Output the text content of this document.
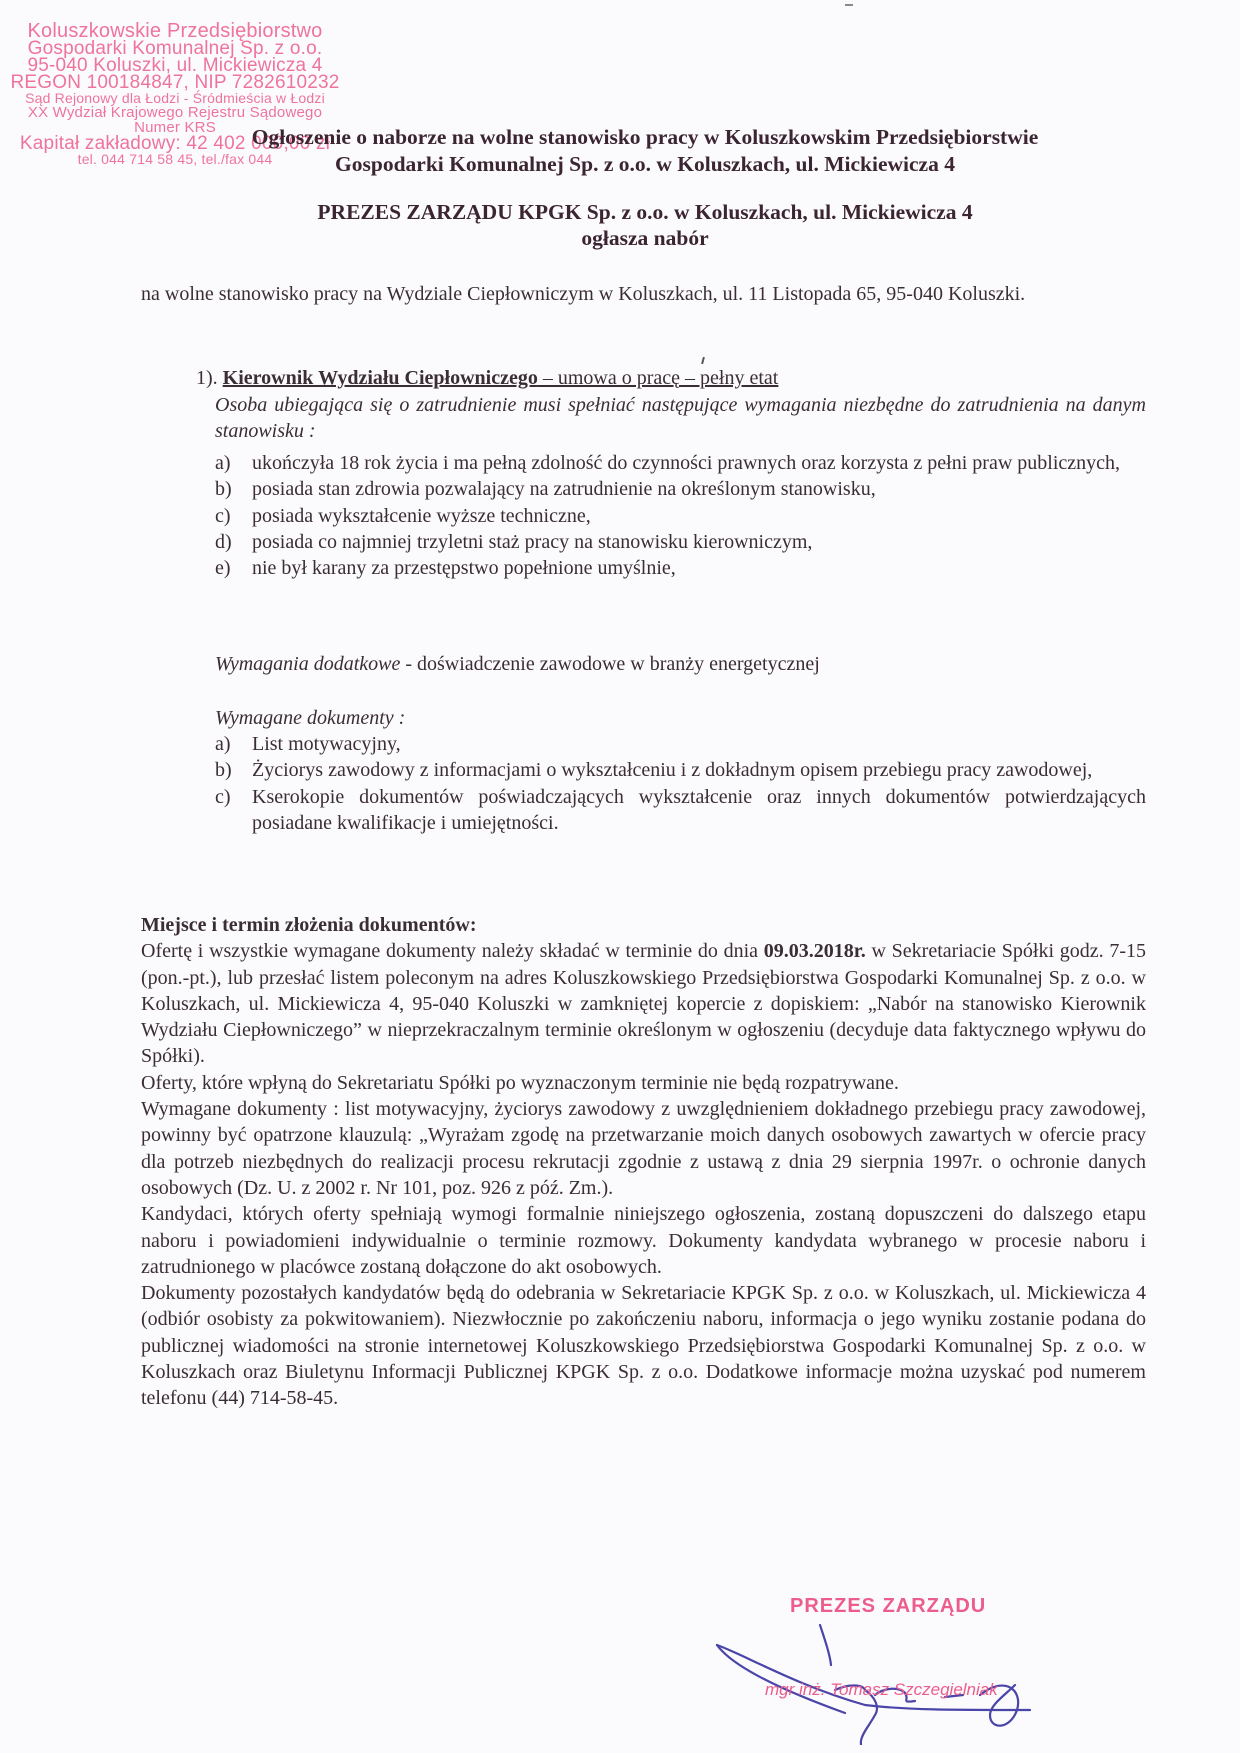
Koluszkowskie Przedsiębiorstwo
Gospodarki Komunalnej Sp. z o.o.
95-040 Koluszki, ul. Mickiewicza 4
REGON 100184847, NIP 7282610232
Sąd Rejonowy dla Łodzi - Śródmieścia w Łodzi
XX Wydział Krajowego Rejestru Sądowego
Numer KRS
Kapitał zakładowy: 42 402 000,00 zł
tel. 044 714 58 45, tel./fax 044
Ogłoszenie o naborze na wolne stanowisko pracy w Koluszkowskim Przedsiębiorstwie
Gospodarki Komunalnej Sp. z o.o. w Koluszkach, ul. Mickiewicza 4
PREZES ZARZĄDU KPGK Sp. z o.o. w Koluszkach, ul. Mickiewicza 4
ogłasza nabór
na wolne stanowisko pracy na Wydziale Ciepłowniczym w Koluszkach, ul. 11 Listopada 65, 95-040 Koluszki.
1). Kierownik Wydziału Ciepłowniczego – umowa o pracę – pełny etat
Osoba ubiegająca się o zatrudnienie musi spełniać następujące wymagania niezbędne do zatrudnienia na danym stanowisku :
a)	ukończyła 18 rok życia i ma pełną zdolność do czynności prawnych oraz korzysta z pełni praw publicznych,
b)	posiada stan zdrowia pozwalający na zatrudnienie na określonym stanowisku,
c)	posiada wykształcenie wyższe techniczne,
d)	posiada co najmniej trzyletni staż pracy na stanowisku kierowniczym,
e)	nie był karany za przestępstwo popełnione umyślnie,
Wymagania dodatkowe - doświadczenie zawodowe w branży energetycznej
Wymagane dokumenty :
a)	List motywacyjny,
b)	Życiorys zawodowy z informacjami o wykształceniu i z dokładnym opisem przebiegu pracy zawodowej,
c)	Kserokopie dokumentów poświadczających wykształcenie oraz innych dokumentów potwierdzających posiadane kwalifikacje i umiejętności.
Miejsce i termin złożenia dokumentów:

Ofertę i wszystkie wymagane dokumenty należy składać w terminie do dnia 09.03.2018r. w Sekretariacie Spółki godz. 7-15 (pon.-pt.), lub przesłać listem poleconym na adres Koluszkowskiego Przedsiębiorstwa Gospodarki Komunalnej Sp. z o.o. w Koluszkach, ul. Mickiewicza 4, 95-040 Koluszki w zamkniętej kopercie z dopiskiem: „Nabór na stanowisko Kierownik Wydziału Ciepłowniczego” w nieprzekraczalnym terminie określonym w ogłoszeniu (decyduje data faktycznego wpływu do Spółki).

Oferty, które wpłyną do Sekretariatu Spółki po wyznaczonym terminie nie będą rozpatrywane.

Wymagane dokumenty : list motywacyjny, życiorys zawodowy z uwzględnieniem dokładnego przebiegu pracy zawodowej, powinny być opatrzone klauzulą: „Wyrażam zgodę na przetwarzanie moich danych osobowych zawartych w ofercie pracy dla potrzeb niezbędnych do realizacji procesu rekrutacji zgodnie z ustawą z dnia 29 sierpnia 1997r. o ochronie danych osobowych (Dz. U. z 2002 r. Nr 101, poz. 926 z póź. Zm.).

Kandydaci, których oferty spełniają wymogi formalnie niniejszego ogłoszenia, zostaną dopuszczeni do dalszego etapu naboru i powiadomieni indywidualnie o terminie rozmowy. Dokumenty kandydata wybranego w procesie naboru i zatrudnionego w placówce zostaną dołączone do akt osobowych.

Dokumenty pozostałych kandydatów będą do odebrania w Sekretariacie KPGK Sp. z o.o. w Koluszkach, ul. Mickiewicza 4 (odbiór osobisty za pokwitowaniem). Niezwłocznie po zakończeniu naboru, informacja o jego wyniku zostanie podana do publicznej wiadomości na stronie internetowej Koluszkowskiego Przedsiębiorstwa Gospodarki Komunalnej Sp. z o.o. w Koluszkach oraz Biuletynu Informacji Publicznej KPGK Sp. z o.o. Dodatkowe informacje można uzyskać pod numerem telefonu (44) 714-58-45.

PREZES ZARZĄDU
mgr inż. Tomasz Szczegielniak
